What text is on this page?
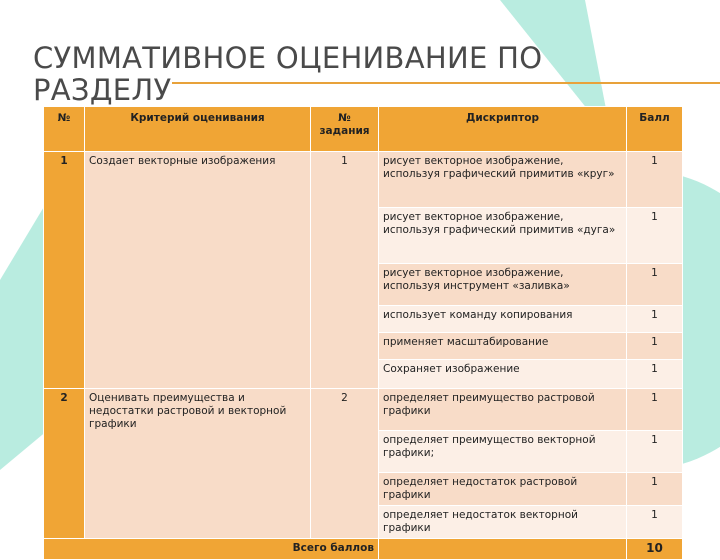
СУММАТИВНОЕ ОЦЕНИВАНИЕ ПО
РАЗДЕЛУ
№	Критерий оценивания	№ задания	Дискриптор	Балл
1	Создает векторные изображения	1	рисует векторное изображение, используя графический примитив «круг»	1
			рисует векторное изображение, используя графический примитив «дуга»	1
			рисует векторное изображение, используя инструмент «заливка»	1
			использует команду копирования	1
			применяет масштабирование	1
			Сохраняет изображение	1
2	Оценивать преимущества и недостатки растровой и векторной графики	2	определяет преимущество растровой графики	1
			определяет преимущество векторной графики;	1
			определяет недостаток растровой графики	1
			определяет недостаток векторной графики	1
Всего баллов				10
